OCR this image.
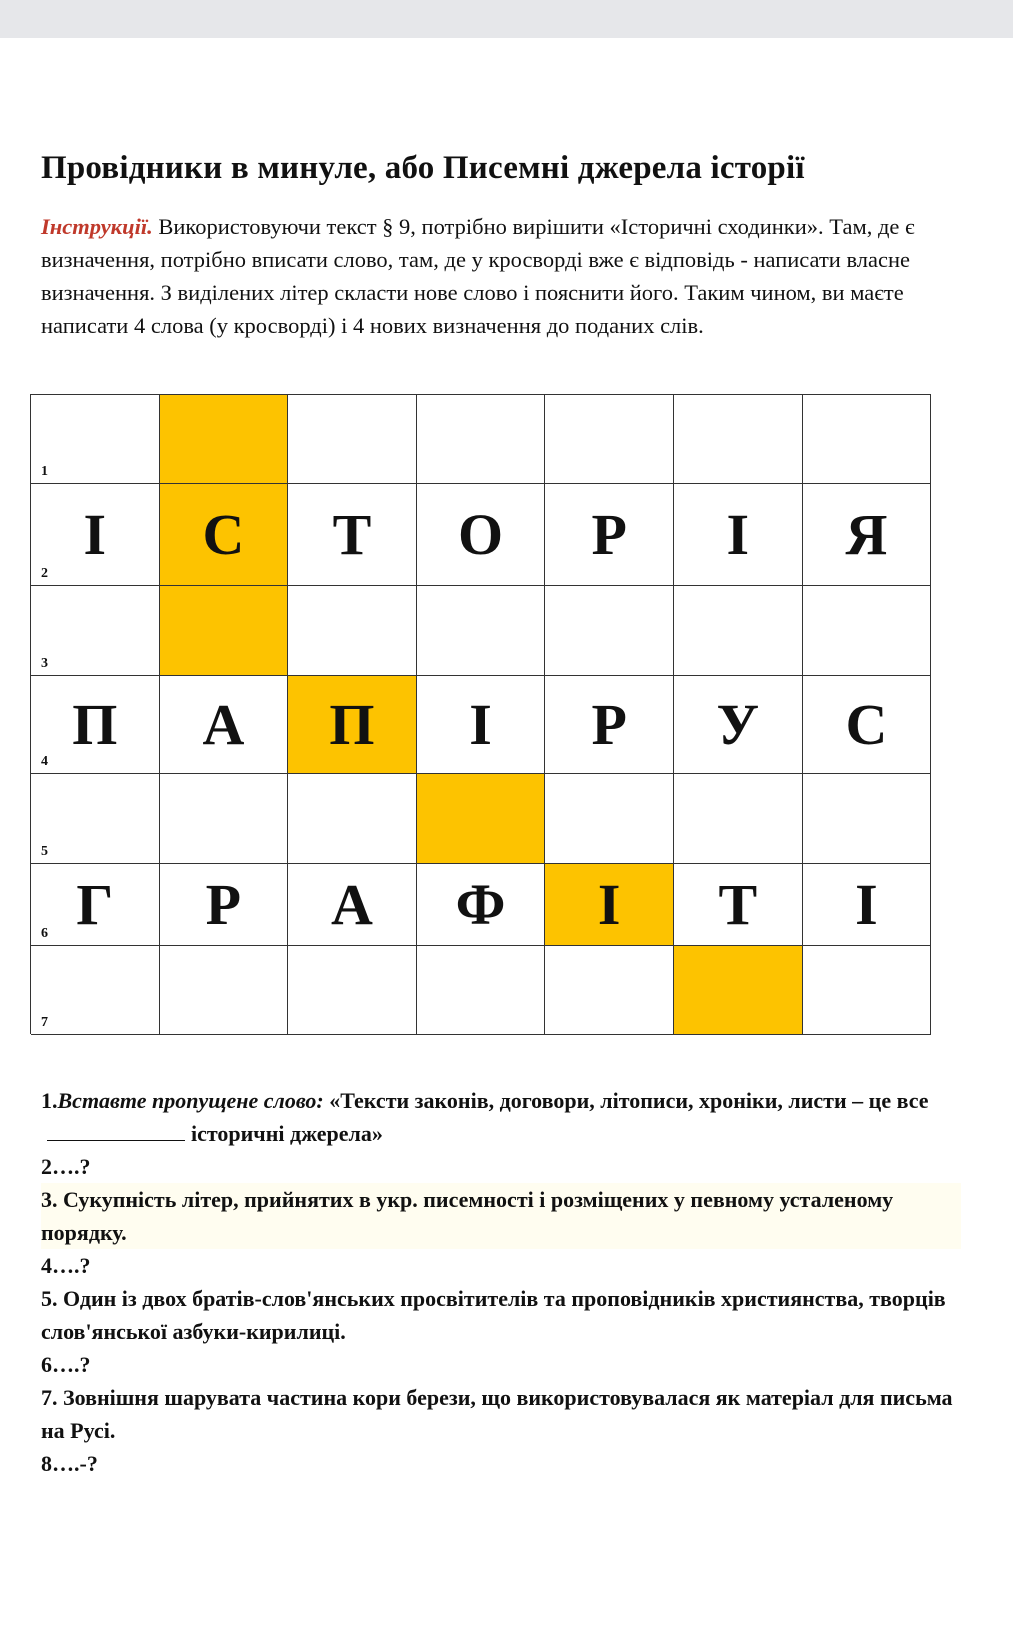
Провідники в минуле, або Писемні джерела історії
Інструкції. Використовуючи текст § 9, потрібно вирішити «Історичні сходинки». Там, де є визначення, потрібно вписати слово, там, де у кросворді вже є відповідь - написати власне визначення. З виділених літер скласти нове слово і пояснити його. Таким чином, ви маєте написати 4 слова (у кросворді) і 4 нових визначення до поданих слів.
1
І	С	Т	О	Р	І	Я
2
3
П	А	П	І	Р	У	С
4
5
Г	Р	А	Ф	І	Т	І
6
7
1.Вставте пропущене слово: «Тексти законів, договори, літописи, хроніки, листи – це всеісторичні джерела»
2….?
3. Сукупність літер, прийнятих в укр. писемності і розміщених у певному усталеному порядку.
4….?
5. Один із двох братів-слов'янських просвітителів та проповідників християнства, творців слов'янської азбуки-кирилиці.
6….?
7. Зовнішня шарувата частина кори берези, що використовувалася як матеріал для письма на Русі.
8….-?
